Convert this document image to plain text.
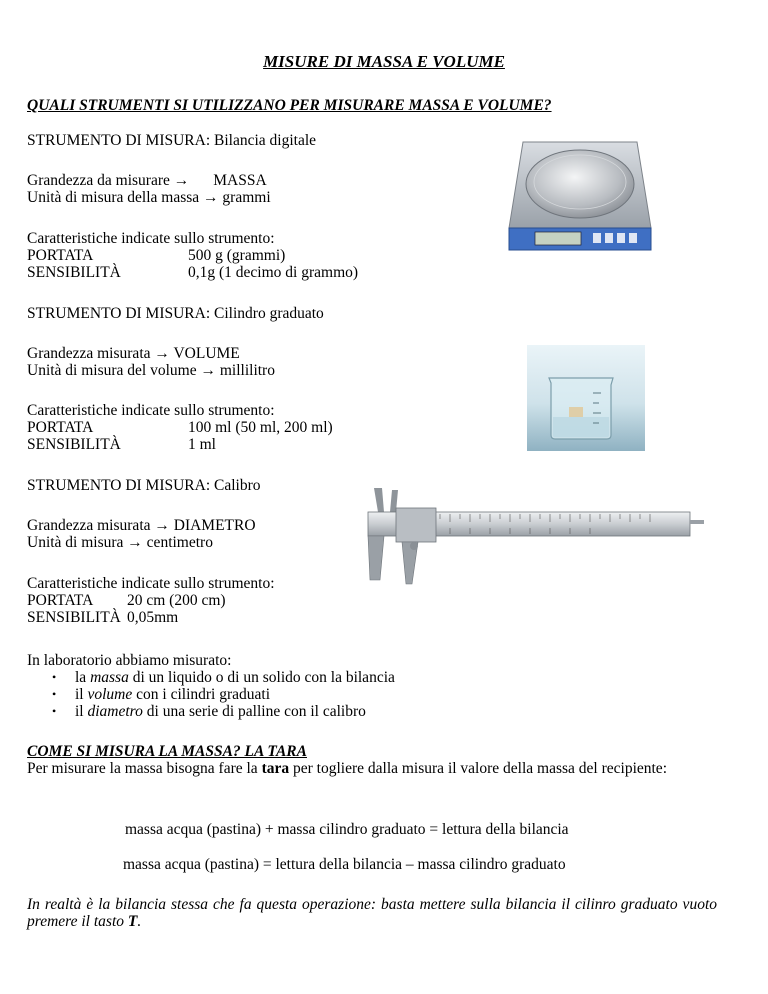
MISURE DI MASSA E VOLUME
QUALI STRUMENTI SI UTILIZZANO PER MISURARE MASSA E VOLUME?
STRUMENTO DI MISURA: Bilancia digitale
Grandezza da misurare → MASSA
Unità di misura della massa → grammi
Caratteristiche indicate sullo strumento:
PORTATA	500 g (grammi)
SENSIBILITÀ	0,1g (1 decimo di grammo)
STRUMENTO DI MISURA: Cilindro graduato
Grandezza misurata → VOLUME
Unità di misura del volume → millilitro
Caratteristiche indicate sullo strumento:
PORTATA	100 ml (50 ml, 200 ml)
SENSIBILITÀ	1 ml
STRUMENTO DI MISURA: Calibro
Grandezza misurata → DIAMETRO
Unità di misura → centimetro
Caratteristiche indicate sullo strumento:
PORTATA 20 cm (200 cm)
SENSIBILITÀ 0,05mm
In laboratorio abbiamo misurato:
• la massa di un liquido o di un solido con la bilancia
• il volume con i cilindri graduati
• il diametro di una serie di palline con il calibro
COME SI MISURA LA MASSA? LA TARA
Per misurare la massa bisogna fare la tara per togliere dalla misura il valore della massa del recipiente:
massa acqua (pastina) + massa cilindro graduato = lettura della bilancia
massa acqua (pastina) = lettura della bilancia – massa cilindro graduato
In realtà è la bilancia stessa che fa questa operazione: basta mettere sulla bilancia il cilinro graduato vuoto premere il tasto T.
